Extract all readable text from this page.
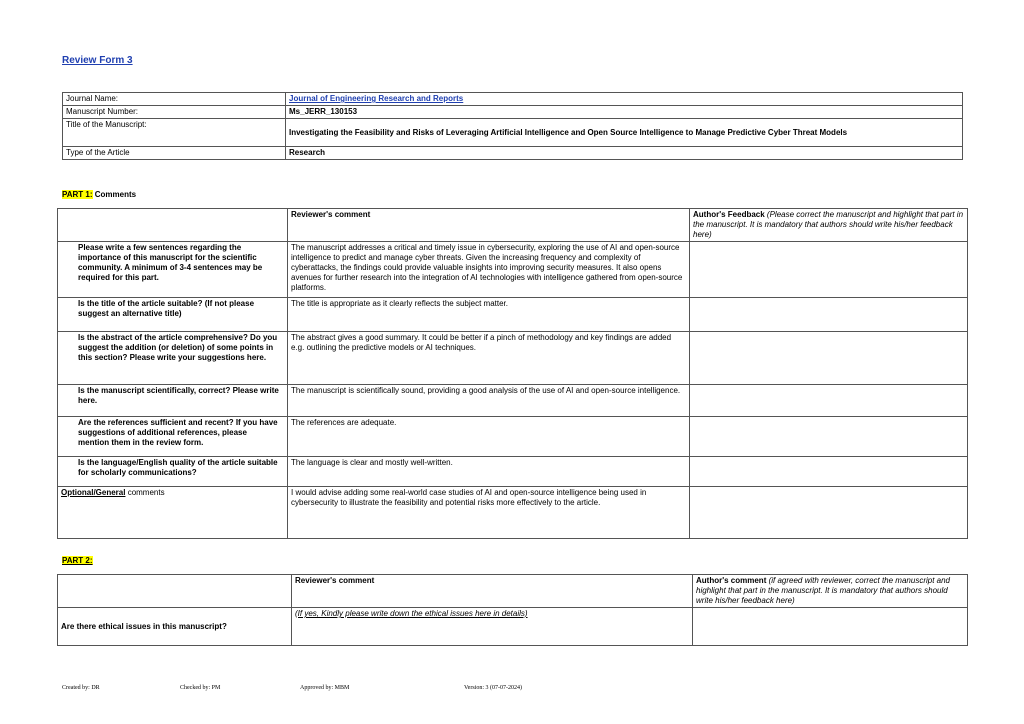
Review Form 3
Journal Name:	Journal of Engineering Research and Reports
Manuscript Number:	Ms_JERR_130153
Title of the Manuscript:	Investigating the Feasibility and Risks of Leveraging Artificial Intelligence and Open Source Intelligence to Manage Predictive Cyber Threat Models
Type of the Article	Research
PART 1: Comments
	Reviewer's comment	Author's Feedback (Please correct the manuscript and highlight that part in the manuscript. It is mandatory that authors should write his/her feedback here)
Please write a few sentences regarding the importance of this manuscript for the scientific community. A minimum of 3-4 sentences may be required for this part.	The manuscript addresses a critical and timely issue in cybersecurity, exploring the use of AI and open-source intelligence to predict and manage cyber threats. Given the increasing frequency and complexity of cyberattacks, the findings could provide valuable insights into improving security measures. It also opens avenues for further research into the integration of AI technologies with intelligence gathered from open-source platforms.	
Is the title of the article suitable? (If not please suggest an alternative title)	The title is appropriate as it clearly reflects the subject matter.	
Is the abstract of the article comprehensive? Do you suggest the addition (or deletion) of some points in this section? Please write your suggestions here.	The abstract gives a good summary. It could be better if a pinch of methodology and key findings are added e.g. outlining the predictive models or AI techniques.	
Is the manuscript scientifically, correct? Please write here.	The manuscript is scientifically sound, providing a good analysis of the use of AI and open-source intelligence.	
Are the references sufficient and recent? If you have suggestions of additional references, please mention them in the review form.	The references are adequate.	
Is the language/English quality of the article suitable for scholarly communications?	The language is clear and mostly well-written.	
Optional/General comments	I would advise adding some real-world case studies of AI and open-source intelligence being used in cybersecurity to illustrate the feasibility and potential risks more effectively to the article.	
PART 2:
	Reviewer's comment	Author's comment (if agreed with reviewer, correct the manuscript and highlight that part in the manuscript. It is mandatory that authors should write his/her feedback here)
Are there ethical issues in this manuscript?	(If yes, Kindly please write down the ethical issues here in details)	
Created by: DR	Checked by: PM	Approved by: MBM	Version: 3 (07-07-2024)
